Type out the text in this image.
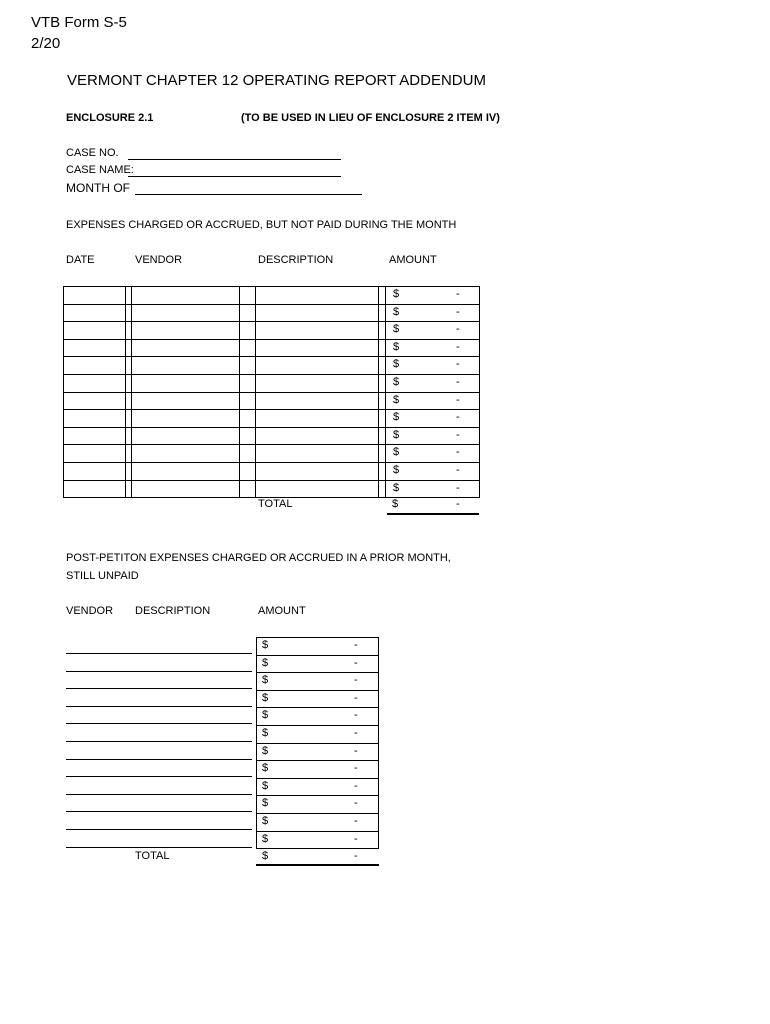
VTB Form S-5
2/20
VERMONT CHAPTER 12 OPERATING REPORT ADDENDUM
ENCLOSURE 2.1	(TO BE USED IN LIEU OF ENCLOSURE 2 ITEM IV)
CASE NO.
CASE NAME:
MONTH OF
EXPENSES CHARGED OR ACCRUED, BUT NOT PAID DURING THE MONTH
DATE	VENDOR	DESCRIPTION	AMOUNT
$	-
$	-
$	-
$	-
$	-
$	-
$	-
$	-
$	-
$	-
$	-
$	-
TOTAL	$	-
POST-PETITON EXPENSES CHARGED OR ACCRUED IN A PRIOR MONTH,
STILL UNPAID
VENDOR DESCRIPTION	AMOUNT
$	-
$	-
$	-
$	-
$	-
$	-
$	-
$	-
$	-
$	-
$	-
$	-
TOTAL	$	-
